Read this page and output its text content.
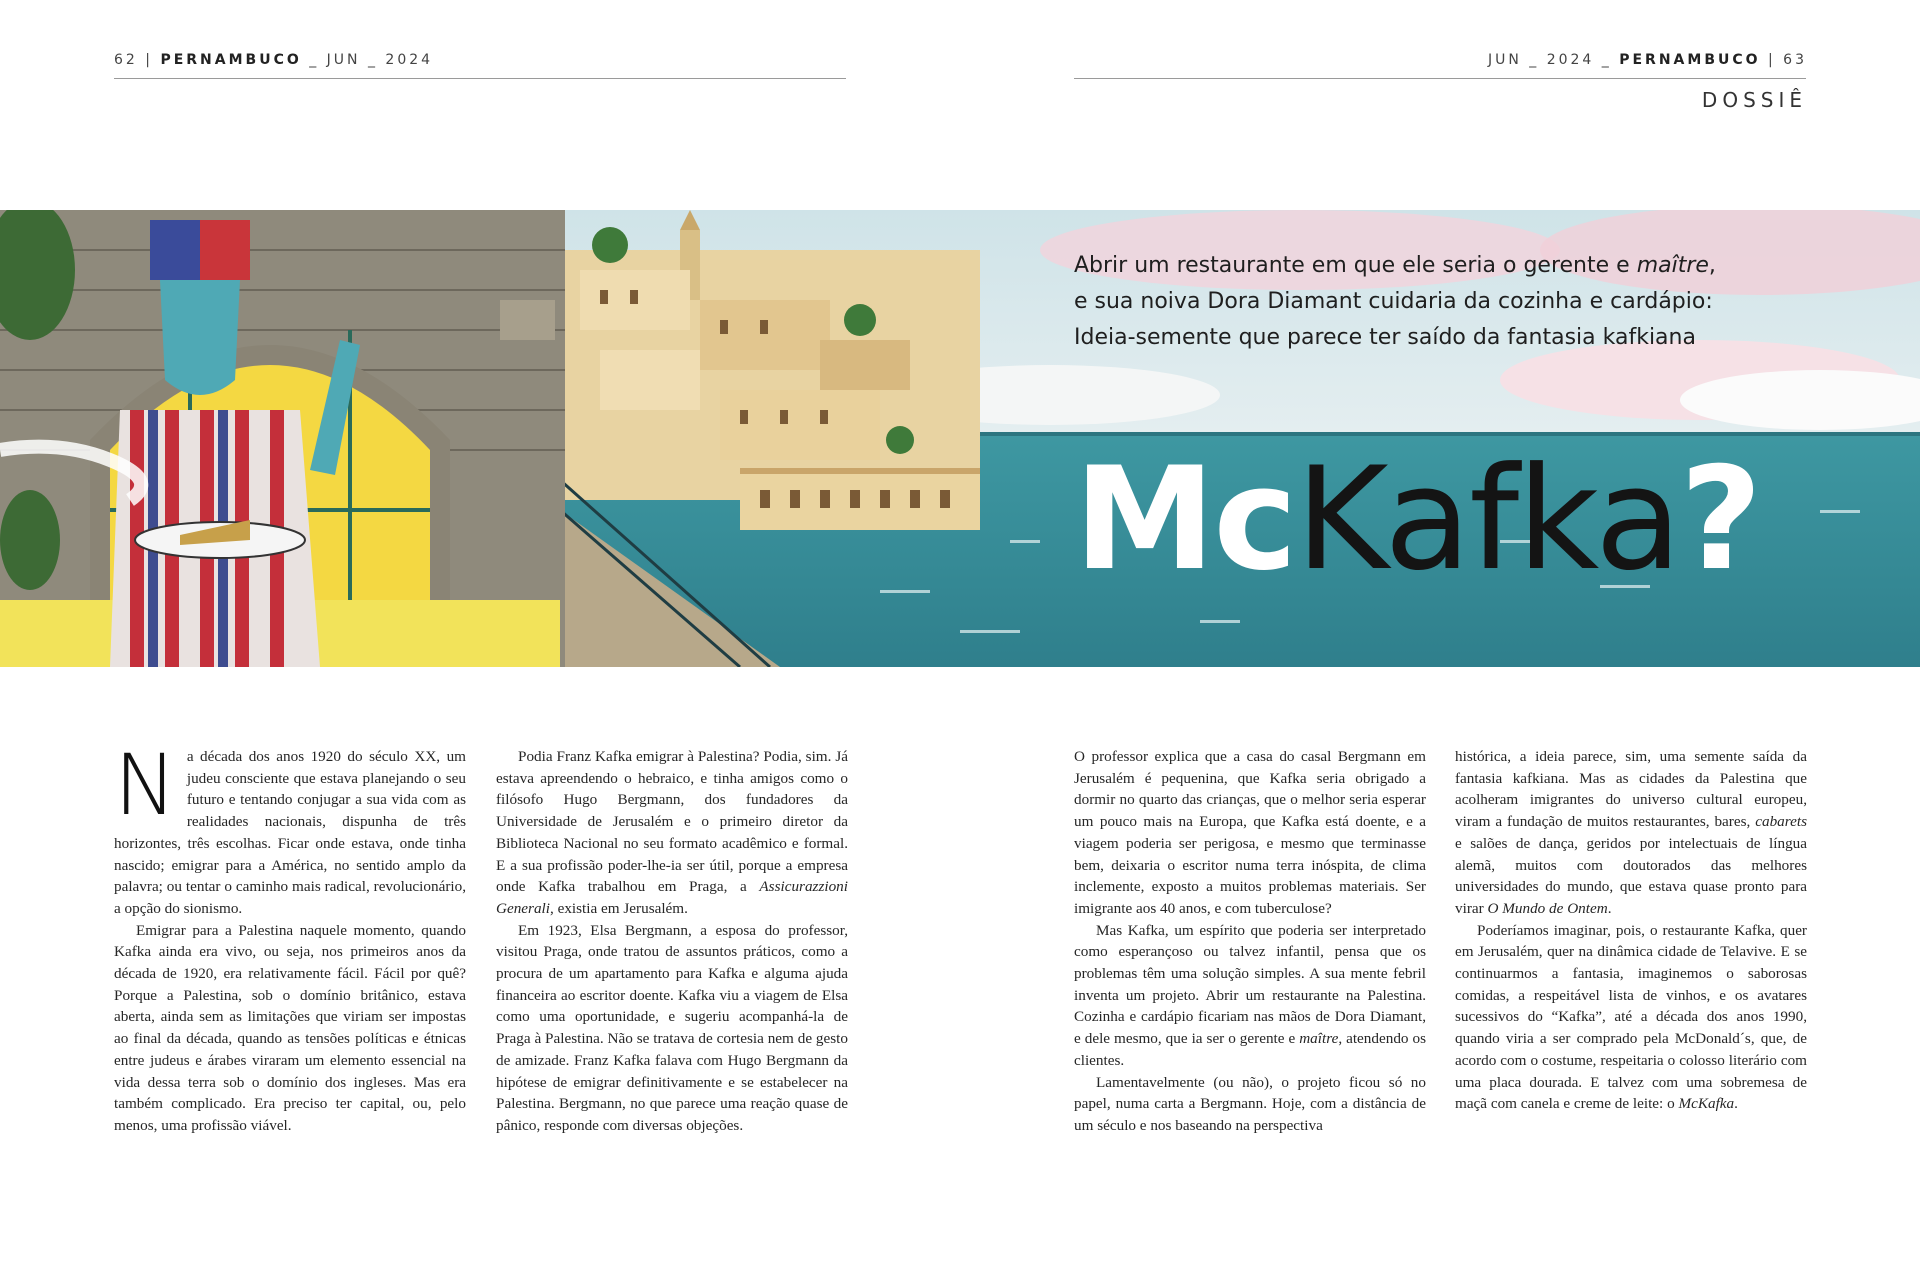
62 | PERNAMBUCO _ JUN _ 2024	JUN _ 2024 _ PERNAMBUCO | 63
DOSSIÊ

Abrir um restaurante em que ele seria o gerente e maître,

e sua noiva Dora Diamant cuidaria da cozinha e cardápio:

Ideia-semente que parece ter saído da fantasia kafkiana

McKafka?

Na década dos anos 1920 do século XX, um judeu consciente que estava planejando o seu futuro e tentando conjugar a sua vida com as realidades nacionais, dispunha de três horizontes, três escolhas. Ficar onde estava, onde tinha nascido; emigrar para a América, no sentido amplo da palavra; ou tentar o caminho mais radical, revolucionário, a opção do sionismo.

Emigrar para a Palestina naquele momento, quando Kafka ainda era vivo, ou seja, nos primeiros anos da década de 1920, era relativamente fácil. Fácil por quê? Porque a Palestina, sob o domínio britânico, estava aberta, ainda sem as limitações que viriam ser impostas ao final da década, quando as tensões políticas e étnicas entre judeus e árabes viraram um elemento essencial na vida dessa terra sob o domínio dos ingleses. Mas era também complicado. Era preciso ter capital, ou, pelo menos, uma profissão viável.

Podia Franz Kafka emigrar à Palestina? Podia, sim. Já estava apreendendo o hebraico, e tinha amigos como o filósofo Hugo Bergmann, dos fundadores da Universidade de Jerusalém e o primeiro diretor da Biblioteca Nacional no seu formato acadêmico e formal. E a sua profissão poder-lhe-ia ser útil, porque a empresa onde Kafka trabalhou em Praga, a Assicurazzioni Generali, existia em Jerusalém.

Em 1923, Elsa Bergmann, a esposa do professor, visitou Praga, onde tratou de assuntos práticos, como a procura de um apartamento para Kafka e alguma ajuda financeira ao escritor doente. Kafka viu a viagem de Elsa como uma oportunidade, e sugeriu acompanhá-la de Praga à Palestina. Não se tratava de cortesia nem de gesto de amizade. Franz Kafka falava com Hugo Bergmann da hipótese de emigrar definitivamente e se estabelecer na Palestina. Bergmann, no que parece uma reação quase de pânico, responde com diversas objeções.

O professor explica que a casa do casal Bergmann em Jerusalém é pequenina, que Kafka seria obrigado a dormir no quarto das crianças, que o melhor seria esperar um pouco mais na Europa, que Kafka está doente, e a viagem poderia ser perigosa, e mesmo que terminasse bem, deixaria o escritor numa terra inóspita, de clima inclemente, exposto a muitos problemas materiais. Ser imigrante aos 40 anos, e com tuberculose?

Mas Kafka, um espírito que poderia ser interpretado como esperançoso ou talvez infantil, pensa que os problemas têm uma solução simples. A sua mente febril inventa um projeto. Abrir um restaurante na Palestina. Cozinha e cardápio ficariam nas mãos de Dora Diamant, e dele mesmo, que ia ser o gerente e maître, atendendo os clientes.

Lamentavelmente (ou não), o projeto ficou só no papel, numa carta a Bergmann. Hoje, com a distância de um século e nos baseando na perspectiva

histórica, a ideia parece, sim, uma semente saída da fantasia kafkiana. Mas as cidades da Palestina que acolheram imigrantes do universo cultural europeu, viram a fundação de muitos restaurantes, bares, cabarets e salões de dança, geridos por intelectuais de língua alemã, muitos com doutorados das melhores universidades do mundo, que estava quase pronto para virar O Mundo de Ontem.

Poderíamos imaginar, pois, o restaurante Kafka, quer em Jerusalém, quer na dinâmica cidade de Telavive. E se continuarmos a fantasia, imaginemos o saborosas comidas, a respeitável lista de vinhos, e os avatares sucessivos do “Kafka”, até a década dos anos 1990, quando viria a ser comprado pela McDonald´s, que, de acordo com o costume, respeitaria o colosso literário com uma placa dourada. E talvez com uma sobremesa de maçã com canela e creme de leite: o McKafka.
